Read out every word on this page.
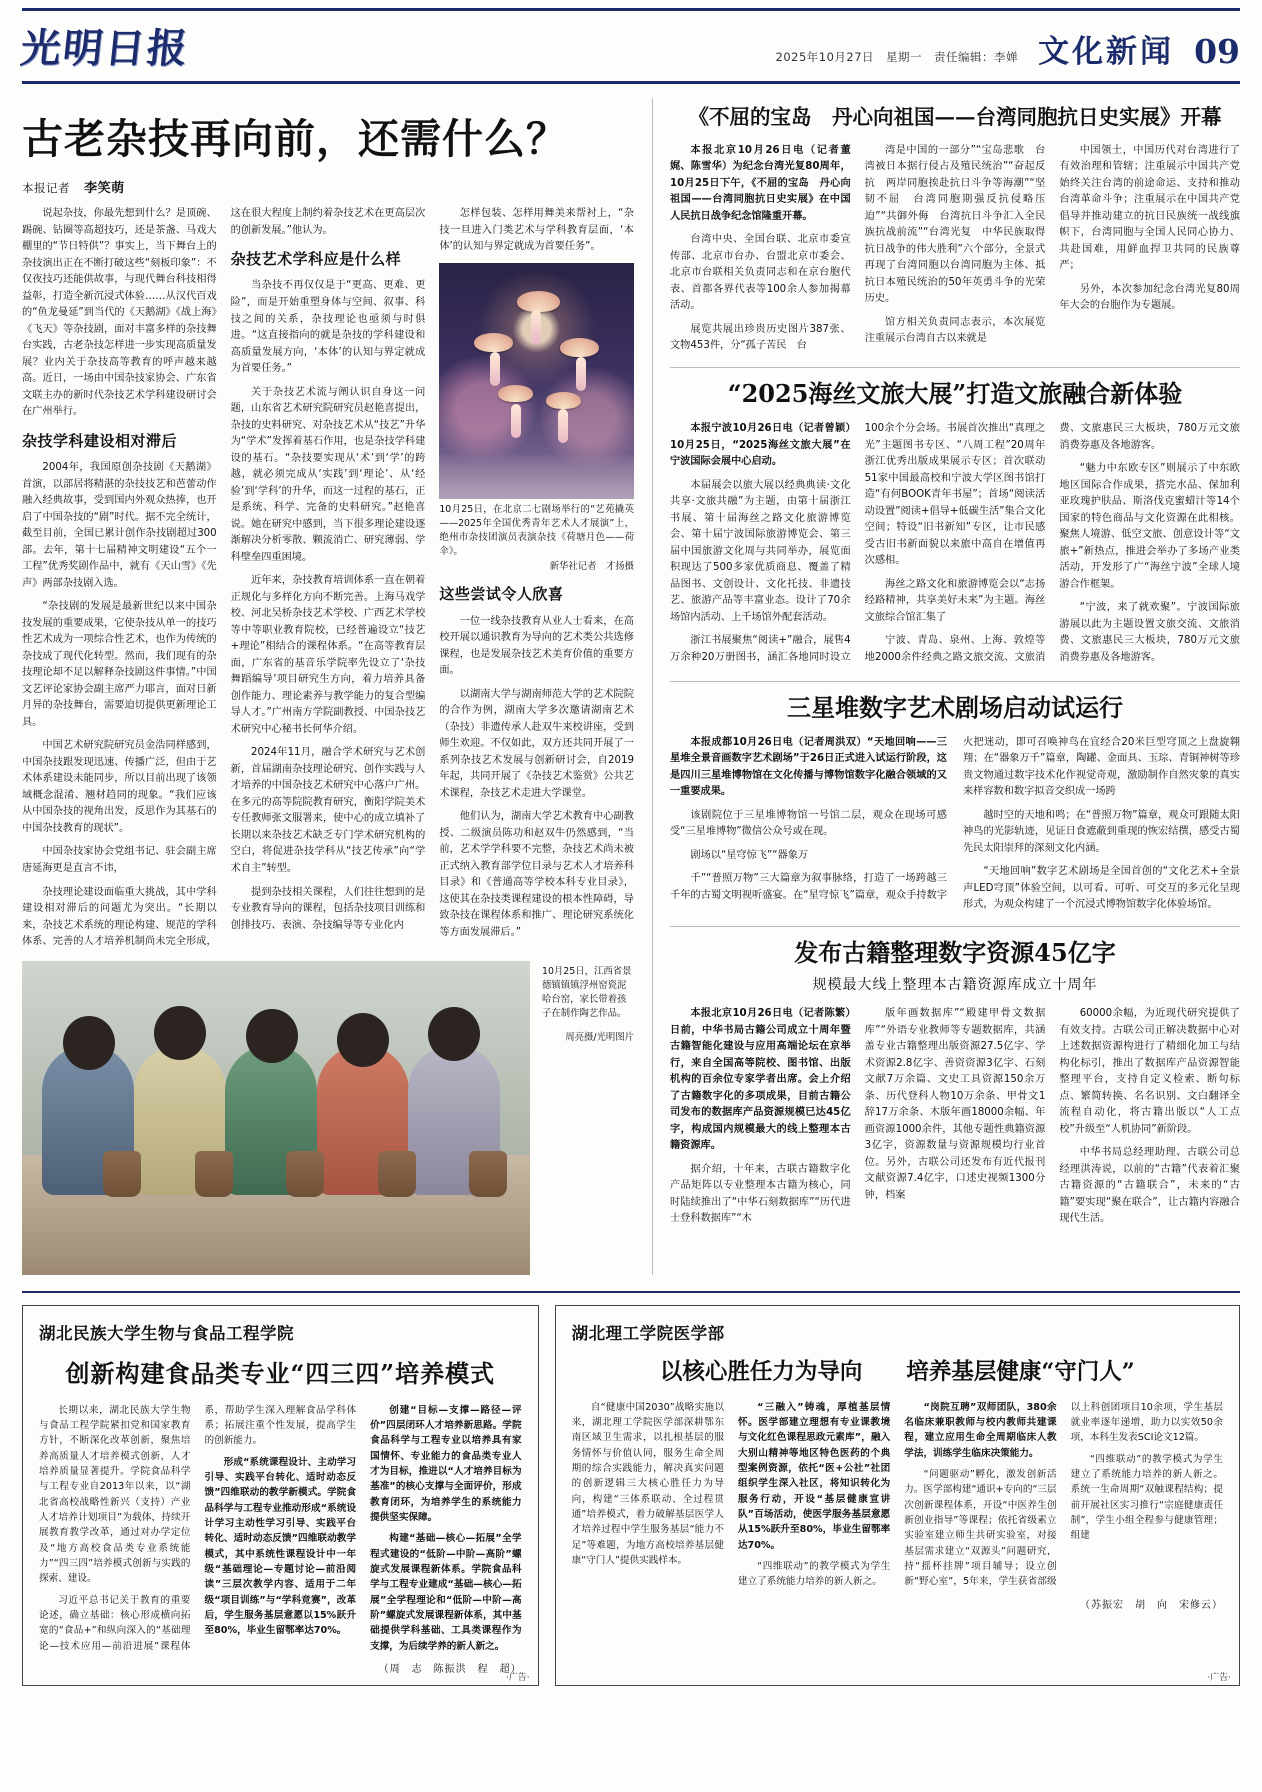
光明日报	2025年10月27日　星期一　责任编辑：李婵 文化新闻 09
古老杂技再向前，还需什么？
本报记者 李笑萌

说起杂技，你最先想到什么？是顶碗、踢碗、钻圈等高超技巧，还是茶盏、马戏大棚里的“节日特供”？事实上，当下舞台上的杂技演出正在不断打破这些“刻板印象”：不仅夜技巧还能供故事，与现代舞台科技相得益彰，打造全新沉浸式体验……从汉代百戏的“鱼龙曼延”到当代的《天鹅湖》《战上海》《飞天》等杂技剧，面对丰富多样的杂技舞台实践，古老杂技怎样进一步实现高质量发展？业内关于杂技高等教育的呼声越来越高。近日，一场由中国杂技家协会、广东省文联主办的新时代杂技艺术学科建设研讨会在广州举行。

杂技学科建设相对滞后

2004年，我国原创杂技剧《天鹅湖》首演，以部居将精湛的杂技技艺和芭蕾动作融入经典故事，受到国内外观众热捧，也开启了中国杂技的“剧”时代。据不完全统计，截至目前，全国已累计创作杂技剧超过300部。去年，第十七届精神文明建设“五个一工程”优秀奖剧作品中，就有《天山雪》《先声》两部杂技剧入选。

“杂技剧的发展是最新世纪以来中国杂技发展的重要成果，它使杂技从单一的技巧性艺术成为一项综合性艺术，也作为传统的杂技成了现代化转型。然而，我们现有的杂技理论却不足以解释杂技剧这件事情。”中国文艺评论家协会副主席严力耶言，面对日新月异的杂技舞台，需要迫切提供更新理论工具。

中国艺术研究院研究员金浩同样感到，中国杂技跟发现迅速、传播广泛，但由于艺术体系建设未能同步，所以目前出现了该领域概念混淆、翘材趋同的现象。“我们应该从中国杂技的视角出发，反思作为其基石的中国杂技教育的现状”。

中国杂技家协会党组书记、驻会副主席唐延海更是直言不讳，

杂技理论建设面临重大挑战，其中学科建设相对滞后的问题尤为突出。“长期以来，杂技艺术系统的理论构建、规范的学科体系、完善的人才培养机制尚未完全形成，这在很大程度上制约着杂技艺术在更高层次的创新发展。”他认为。

杂技艺术学科应是什么样

当杂技不再仅仅是于“更高、更难、更险”，而是开始重塑身体与空间、叙事、科技之间的关系，杂技理论也亟须与时俱进。“这直接指向的就是杂技的学科建设和高质量发展方向，‘本体’的认知与界定就成为首要任务。”

关于杂技艺术流与阐认识自身这一问题，山东省艺术研究院研究员赵艳喜提出，杂技的史料研究、对杂技艺术从“技艺”升华为“学术”发挥着基石作用，也是杂技学科建设的基石。“杂技要实现从‘术’到‘学’的跨越，就必须完成从‘实践’到‘理论’、从‘经验’到‘学科’的升华，而这一过程的基石，正是系统、科学、完备的史料研究。”赵艳喜说。她在研究中感到，当下很多理论建设逐渐解决分析零散、颗流消亡、研究薄弱、学科壁垒四重困境。

近年来，杂技教育培训体系一直在朝着正规化与多样化方向不断完善。上海马戏学校、河北吴桥杂技艺术学校、广西艺术学校等中等职业教育院校，已经普遍设立“技艺+理论”相结合的课程体系。“在高等教育层面，广东省的基音乐学院率先设立了‘杂技舞蹈编导’项目研究生方向，着力培养具备创作能力、理论素养与教学能力的复合型编导人才。”广州南方学院副教授、中国杂技艺术研究中心秘书长何华介绍。

2024年11月，融合学术研究与艺术创新，首届湖南杂技理论研究、创作实践与人才培养的中国杂技艺术研究中心落户广州。在多元的高等院院教育研究，衡阳学院美术专任教师张文服署来，使中心的成立填补了长期以来杂技艺术缺乏专门学术研究机构的空白，将促进杂技学科从“技艺传承”向“学术自主”转型。

提到杂技相关课程，人们往往想到的是专业教育导向的课程，包括杂技项目训练和创排技巧、表演、杂技编导等专业化内

怎样包装、怎样用舞美来帮衬上，“杂技一旦进入门类艺术与学科教育层面，‘本体’的认知与界定就成为首要任务”。

10月25日，在北京二七剧场举行的“艺苑撬英——2025年全国优秀青年艺术人才展演”上，绝州市杂技团演员表演杂技《荷塘月色——荷伞》。
新华社记者　才扬摄
这些尝试令人欣喜

一位一线杂技教育从业人士看来，在高校开展以通识教育为导向的艺术类公共选修课程，也是发展杂技艺术美育价值的重要方面。

以湖南大学与湖南师范大学的艺术院院的合作为例，湖南大学多次邀请湖南艺术（杂技）非遗传承人赴双牛来校讲座，受到师生欢迎。不仅如此，双方还共同开展了一系列杂技艺术发展与创新研讨会，自2019年起，共同开展了《杂技艺术鉴赏》公共艺术课程，杂技艺术走进大学课堂。

他们认为，湖南大学艺术教育中心副教授、二级演员陈功和赵双牛仍然感到，“当前，艺术学学科要不完整，杂技艺术尚未被正式纳入教育部学位目录与艺术人才培养科目录》和《普通高等学校本科专业目录》，这使其在杂技类课程建设的根本性障碍，导致杂技在课程体系和推广、理论研究系统化等方面发展滞后。”

10月25日，江西省景德镇镇镇浮州窑瓷泥哈台窑，家长带着孩子在制作陶艺作品。
周亮摄/光明图片
《不屈的宝岛　丹心向祖国——台湾同胞抗日史实展》开幕

本报北京10月26日电（记者董娓、陈雪华）为纪念台湾光复80周年，10月25日下午，《不屈的宝岛　丹心向祖国——台湾同胞抗日史实展》在中国人民抗日战争纪念馆隆重开幕。

台湾中央、全国台联、北京市委宣传部、北京市台办、台盟北京市委会、北京市台联相关负责同志和在京台胞代表、首都各界代表等100余人参加揭幕活动。

展览共展出珍贵历史图片387张、文物453件，分“孤子苦民　台

湾是中国的一部分”“宝岛悲歌　台湾被日本据行侵占及殖民统治”“奋起反抗　两岸同胞挨赴抗日斗争等海潮”“坚韧不屈　台湾同胞期强反抗侵略压迫”“共御外侮　台湾抗日斗争汇入全民族抗战前流”“台湾光复　中华民族取得抗日战争的伟大胜利”六个部分，全景式再现了台湾同胞以台湾同胞为主体、抵抗日本殖民统治的50年英勇斗争的光荣历史。

馆方相关负责同志表示，本次展览注重展示台湾自古以来就是

中国领土，中国历代对台湾进行了有效治理和管辖；注重展示中国共产党始终关注台湾的前途命运、支持和推动台湾革命斗争；注重展示在中国共产党倡导并推动建立的抗日民族统一战线旗帜下，台湾同胞与全国人民同心协力、共赴国难，用鲜血捍卫共同的民族尊严；

另外，本次参加纪念台湾光复80周年大会的台胞作为专题展。

“2025海丝文旅大展”打造文旅融合新体验

本报宁波10月26日电（记者曾颖）10月25日，“2025海丝文旅大展”在宁波国际会展中心启动。

本届展会以旅大展以经典典读·文化共享·文旅共融”为主题，由第十届浙江书展、第十届海丝之路文化旅游博览会、第十届宁波国际旅游博览会、第三届中国旅游文化周与共同举办，展览面积现达了500多家优质商息、覆盖了精品图书、文创设计、文化托技、非遗技艺、旅游产品等丰富业态。设计了70余场馆内活动、上千场馆外配套活动。

浙江书展聚焦“阅读+”融合，展售4万余种20万册图书，涵汇各地同时设立100余个分会场。书展首次推出“真理之光”主题图书专区、“八周工程”20周年浙江优秀出版成果展示专区；首次联动51家中国最高校和宁波大学区图书馆打造“有何BOOK青年书屋”；首场“阅读活动设置”阅读+倡导+低碳生活”集合文化空间；特设“旧书新知”专区，让市民感受古旧书新面貌以来旅中高自在增值再次感相。

海丝之路文化和旅游博览会以“志扬经路精神，共享美好未来”为主题。海丝文旅综合馆汇集了

宁波、青岛、泉州、上海、敦煌等地2000余件经典之路文旅交流、文旅消费、文旅惠民三大板块，780万元文旅消费券惠及各地游客。

“魅力中东欧专区”则展示了中东欧地区国际合作成果，搭完水品、保加利亚玫瑰护肤品、斯洛伐克蜜蜡汁等14个国家的特色商品与文化资源在此相核。聚焦人境游、低空文旅、创意设计等“文旅+”新热点，推进会举办了多场产业类活动，开发形了广“海丝宁波”全球人境游合作框架。

“宁波，来了就欢聚”。宁波国际旅游展以此为主题设置文旅交流、文旅消费、文旅惠民三大板块，780万元文旅消费券惠及各地游客。

三星堆数字艺术剧场启动试运行

本报成都10月26日电（记者周洪双）“天地回响——三星堆全景音画数字艺术剧场”于26日正式进入试运行阶段，这是四川三星堆博物馆在文化传播与博物馆数字化融合领域的又一重要成果。

该剧院位于三星堆博物馆一号馆二层，观众在现场可感受“三星堆博物”微信公众号或在现。

剧场以“星穹惊飞”“器象万

千”“普照万物”三大篇章为叙事脉络，打造了一场跨越三千年的古蜀文明视听盛宴。在“星穹惊飞”篇章，观众手持数字火把迷动，即可召唤神鸟在宜经合20米巨型穹顶之上盘旋翱翔；在“器象万千”篇章，陶罐、金面具、玉琮、青铜神树等珍贵文物通过数字技术化作视觉奇观，激励制作自然灾象的真实来样容数和数字拟音交织成一场跨

越时空的天地和鸣；在“普照万物”篇章，观众可跟随太阳神鸟的光影轨迹，见证日食遮蔽到重现的恢宏结撰，感受古蜀先民太阳崇拜的深刻文化内涵。

“天地回响”数字艺术剧场是全国首创的“文化艺术+全景声LED穹顶”体验空间，以可看、可听、可交互的多元化呈现形式，为观众构建了一个沉浸式博物馆数字化体验场馆。

发布古籍整理数字资源45亿字
规模最大线上整理本古籍资源库成立十周年

本报北京10月26日电（记者陈繁）日前，中华书局古籍公司成立十周年暨古籍智能化建设与应用高端论坛在京举行，来自全国高等院校、图书馆、出版机构的百余位专家学者出席。会上介绍了古籍数字化的多项成果，目前古籍公司发布的数据库产品资源规模已达45亿字，构成国内规模最大的线上整理本古籍资源库。

据介绍，十年来，古联古籍数字化产品矩阵以专业整理本古籍为核心，同时陆续推出了“中华石刻数据库”“历代进士登科数据库”“木

版年画数据库”“殿建甲骨文数据库”“外语专业教师等专题数据库，共涵盖专业古籍整理出版资源27.5亿字、学术资源2.8亿字、善资资源3亿字、石刻文献7万余篇、文史工具资源150余万条、历代登科人物10万余条、甲骨文1辞17万余条、木版年画18000余幅、年画资源1000余件，其他专题性典籍资源3亿字，资源数量与资源规模均行业首位。另外，古联公司还发布有近代报刊文献资源7.4亿字，口述史视频1300分钟，档案

60000余幅，为近现代研究提供了有效支持。古联公司正解决数据中心对上述数据资源构进行了精细化加工与结构化标引，推出了数据库产品资源智能整理平台，支持自定义检索、断句标点、繁简转换、名名识别、文白翻译全流程自动化，将古籍出版以“人工点校”升级至“人机协同”新阶段。

中华书局总经理助理、古联公司总经理洪涛说，以前的“古籍”代表着汇聚古籍资源的“古籍联合”，未来的“古籍”要实现“聚在联合”，让古籍内容融合现代生活。

湖北民族大学生物与食品工程学院
创新构建食品类专业“四三四”培养模式

长期以来，湖北民族大学生物与食品工程学院紧扣党和国家教育方针，不断深化改革创新，聚焦培养高质量人才培养模式创新，人才培养质量显著提升。学院食品科学与工程专业自2013年以来，以“湖北省高校战略性新兴（支持）产业人才培养计划项目”为载体，持续开展教育教学改革，通过对办学定位及“地方高校食品类专业系统能力”“四三四”培养模式创新与实践的探索、建设。

习近平总书记关于教育的重要论述，确立基础：核心形成横向拓宽的“食品+”和纵向深入的“基础理论—技术应用—前沿进展”课程体系，帮助学生深入理解食品学科体系；拓展注重个性发展，提高学生的创新能力。

形成“系统课程设计、主动学习引导、实践平台转化、适时动态反馈”四维联动的教学新模式。学院食品科学与工程专业推动形成“系统设计学习主动性学习引导、实践平台转化、适时动态反馈”四维联动教学模式，其中系统性课程设计中一年级“基础理论—专题讨论—前沿阅读”三层次教学内容、适用于二年级“项目训练”与“学科竞赛”，改革后，学生服务基层意愿以15%跃升至80%，毕业生留鄂率达70%。

创建“目标—支撑—路径—评价”四层闭环人才培养新思路。学院食品科学与工程专业以培养具有家国情怀、专业能力的食品类专业人才为目标，推进以“人才培养目标为基准”的核心支撑与全面评价，形成教育闭环，为培养学生的系统能力提供坚实保障。

构建“基础—核心—拓展”全学程式建设的“低阶—中阶—高阶”螺旋式发展课程新体系。学院食品科学与工程专业建成“基础—核心—拓展”全学程理论和“低阶—中阶—高阶”螺旋式发展课程新体系，其中基础提供学科基础、工具类课程作为支撑，为后续学养的新人新之。

（周　志　陈振洪　程　超）
·广告·
湖北理工学院医学部
以核心胜任力为导向 培养基层健康“守门人”

自“健康中国2030”战略实施以来，湖北理工学院医学部深耕鄂东南区域卫生需求，以扎根基层的服务情怀与价值认同，服务生命全周期的综合实践能力，解决真实问题的创新逻辑三大核心胜任力为导向，构建“三体系联动、全过程贯通”培养模式，着力破解基层医学人才培养过程中学生服务基层“能力不足”等难题，为地方高校培养基层健康“守门人”提供实践样本。

“三融入”铸魂，厚植基层情怀。医学部建立理想有专业课教境与文化红色课程思政元素库”，融入大别山精神等地区特色医药的个典型案例资源，依托“医+公社”社团组织学生深入社区，将知识转化为服务行动，开设“基层健康宣讲队”百场活动，使医学服务基层意愿从15%跃升至80%，毕业生留鄂率达70%。

“四维联动”的教学模式为学生建立了系统能力培养的新人新之。

“岗院互聘”双师团队，380余名临床兼职教师与校内教师共建课程，建立应用生命全周期临床人教学法，训练学生临床决策能力。

“问题驱动”孵化，激发创新活力。医学部构建“通识+专向的“三层次创新课程体系，开设“中医养生创新创业指导”等课程；依托省级素立实验室建立师生共研实验室，对接基层需求建立“双源头”问题研究，持“摇杯挂牌”项目辅导；设立创新“野心室”，5年来，学生获省部级以上科创团项目10余项，学生基层就业率逐年递增，助力以实效50余项，本科生发表SCI论文12篇。

“四维联动”的教学模式为学生建立了系统能力培养的新人新之。系统一生命周期“双触课程结构；提前开展社区实习推行“宗庭健康责任制”，学生小组全程参与健康管理；组建

（苏振宏　胡　向　宋修云）
·广告·
